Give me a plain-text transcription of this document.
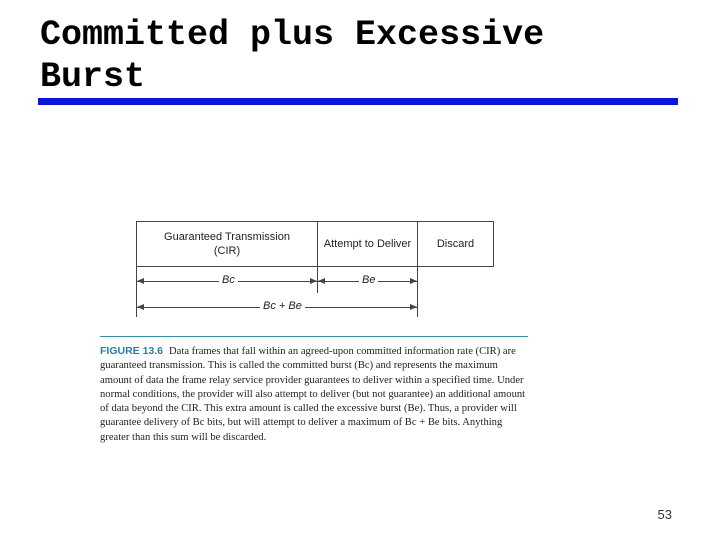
Committed plus Excessive
Burst
Guaranteed Transmission
(CIR)
Attempt to Deliver Discard
Bc	Be
Bc + Be
FIGURE 13.6 Data frames that fall within an agreed-upon committed information rate (CIR) are guaranteed transmission. This is called the committed burst (Bc) and represents the maximum amount of data the frame relay service provider guarantees to deliver within a specified time. Under normal conditions, the provider will also attempt to deliver (but not guarantee) an additional amount of data beyond the CIR. This extra amount is called the excessive burst (Be). Thus, a provider will guarantee delivery of Bc bits, but will attempt to deliver a maximum of Bc + Be bits. Anything greater than this sum will be discarded.
53
